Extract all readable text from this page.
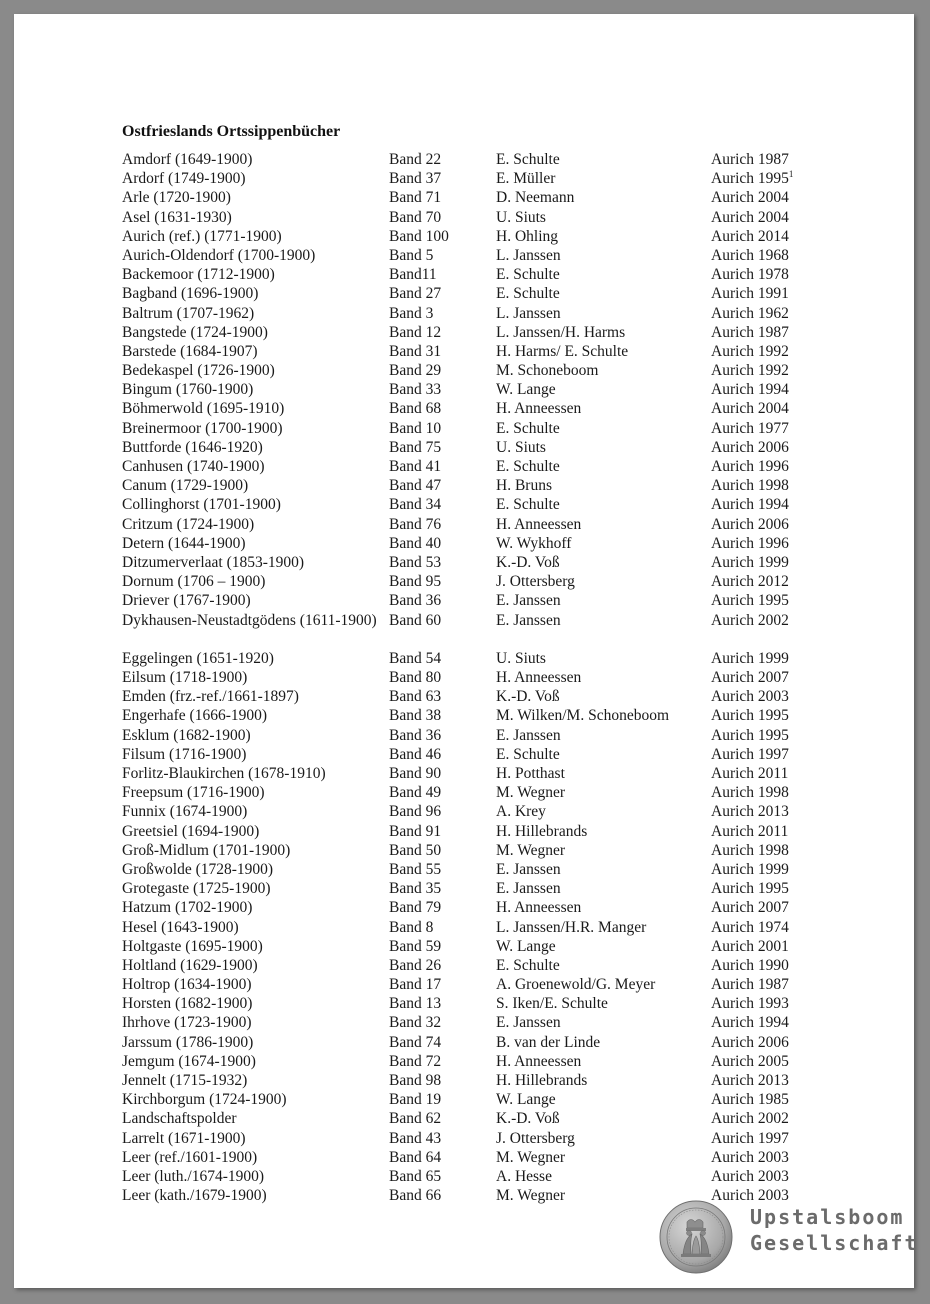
Ostfrieslands Ortssippenbücher
Amdorf (1649-1900)	Band 22	E. Schulte	Aurich 1987
Ardorf (1749-1900)	Band 37	E. Müller	Aurich 1995$^1$
Arle (1720-1900)	Band 71	D. Neemann	Aurich 2004
Asel (1631-1930)	Band 70	U. Siuts	Aurich 2004
Aurich (ref.) (1771-1900)	Band 100	H. Ohling	Aurich 2014
Aurich-Oldendorf (1700-1900)	Band 5	L. Janssen	Aurich 1968
Backemoor (1712-1900)	Band11	E. Schulte	Aurich 1978
Bagband (1696-1900)	Band 27	E. Schulte	Aurich 1991
Baltrum (1707-1962)	Band 3	L. Janssen	Aurich 1962
Bangstede (1724-1900)	Band 12	L. Janssen/H. Harms	Aurich 1987
Barstede (1684-1907)	Band 31	H. Harms/ E. Schulte	Aurich 1992
Bedekaspel (1726-1900)	Band 29	M. Schoneboom	Aurich 1992
Bingum (1760-1900)	Band 33	W. Lange	Aurich 1994
Böhmerwold (1695-1910)	Band 68	H. Anneessen	Aurich 2004
Breinermoor (1700-1900)	Band 10	E. Schulte	Aurich 1977
Buttforde (1646-1920)	Band 75	U. Siuts	Aurich 2006
Canhusen (1740-1900)	Band 41	E. Schulte	Aurich 1996
Canum (1729-1900)	Band 47	H. Bruns	Aurich 1998
Collinghorst (1701-1900)	Band 34	E. Schulte	Aurich 1994
Critzum (1724-1900)	Band 76	H. Anneessen	Aurich 2006
Detern (1644-1900)	Band 40	W. Wykhoff	Aurich 1996
Ditzumerverlaat (1853-1900)	Band 53	K.-D. Voß	Aurich 1999
Dornum (1706 – 1900)	Band 95	J. Ottersberg	Aurich 2012
Driever (1767-1900)	Band 36	E. Janssen	Aurich 1995
Dykhausen-Neustadtgödens (1611-1900) Band 60	E. Janssen	Aurich 2002
Eggelingen (1651-1920)	Band 54	U. Siuts	Aurich 1999
Eilsum (1718-1900)	Band 80	H. Anneessen	Aurich 2007
Emden (frz.-ref./1661-1897)	Band 63	K.-D. Voß	Aurich 2003
Engerhafe (1666-1900)	Band 38	M. Wilken/M. Schoneboom	Aurich 1995
Esklum (1682-1900)	Band 36	E. Janssen	Aurich 1995
Filsum (1716-1900)	Band 46	E. Schulte	Aurich 1997
Forlitz-Blaukirchen (1678-1910)	Band 90	H. Potthast	Aurich 2011
Freepsum (1716-1900)	Band 49	M. Wegner	Aurich 1998
Funnix (1674-1900)	Band 96	A. Krey	Aurich 2013
Greetsiel (1694-1900)	Band 91	H. Hillebrands	Aurich 2011
Groß-Midlum (1701-1900)	Band 50	M. Wegner	Aurich 1998
Großwolde (1728-1900)	Band 55	E. Janssen	Aurich 1999
Grotegaste (1725-1900)	Band 35	E. Janssen	Aurich 1995
Hatzum (1702-1900)	Band 79	H. Anneessen	Aurich 2007
Hesel (1643-1900)	Band 8	L. Janssen/H.R. Manger	Aurich 1974
Holtgaste (1695-1900)	Band 59	W. Lange	Aurich 2001
Holtland (1629-1900)	Band 26	E. Schulte	Aurich 1990
Holtrop (1634-1900)	Band 17	A. Groenewold/G. Meyer	Aurich 1987
Horsten (1682-1900)	Band 13	S. Iken/E. Schulte	Aurich 1993
Ihrhove (1723-1900)	Band 32	E. Janssen	Aurich 1994
Jarssum (1786-1900)	Band 74	B. van der Linde	Aurich 2006
Jemgum (1674-1900)	Band 72	H. Anneessen	Aurich 2005
Jennelt (1715-1932)	Band 98	H. Hillebrands	Aurich 2013
Kirchborgum (1724-1900)	Band 19	W. Lange	Aurich 1985
Landschaftspolder	Band 62	K.-D. Voß	Aurich 2002
Larrelt (1671-1900)	Band 43	J. Ottersberg	Aurich 1997
Leer (ref./1601-1900)	Band 64	M. Wegner	Aurich 2003
Leer (luth./1674-1900)	Band 65	A. Hesse	Aurich 2003
Leer (kath./1679-1900)	Band 66	M. Wegner	Aurich 2003
Upstalsboom
Gesellschaft
